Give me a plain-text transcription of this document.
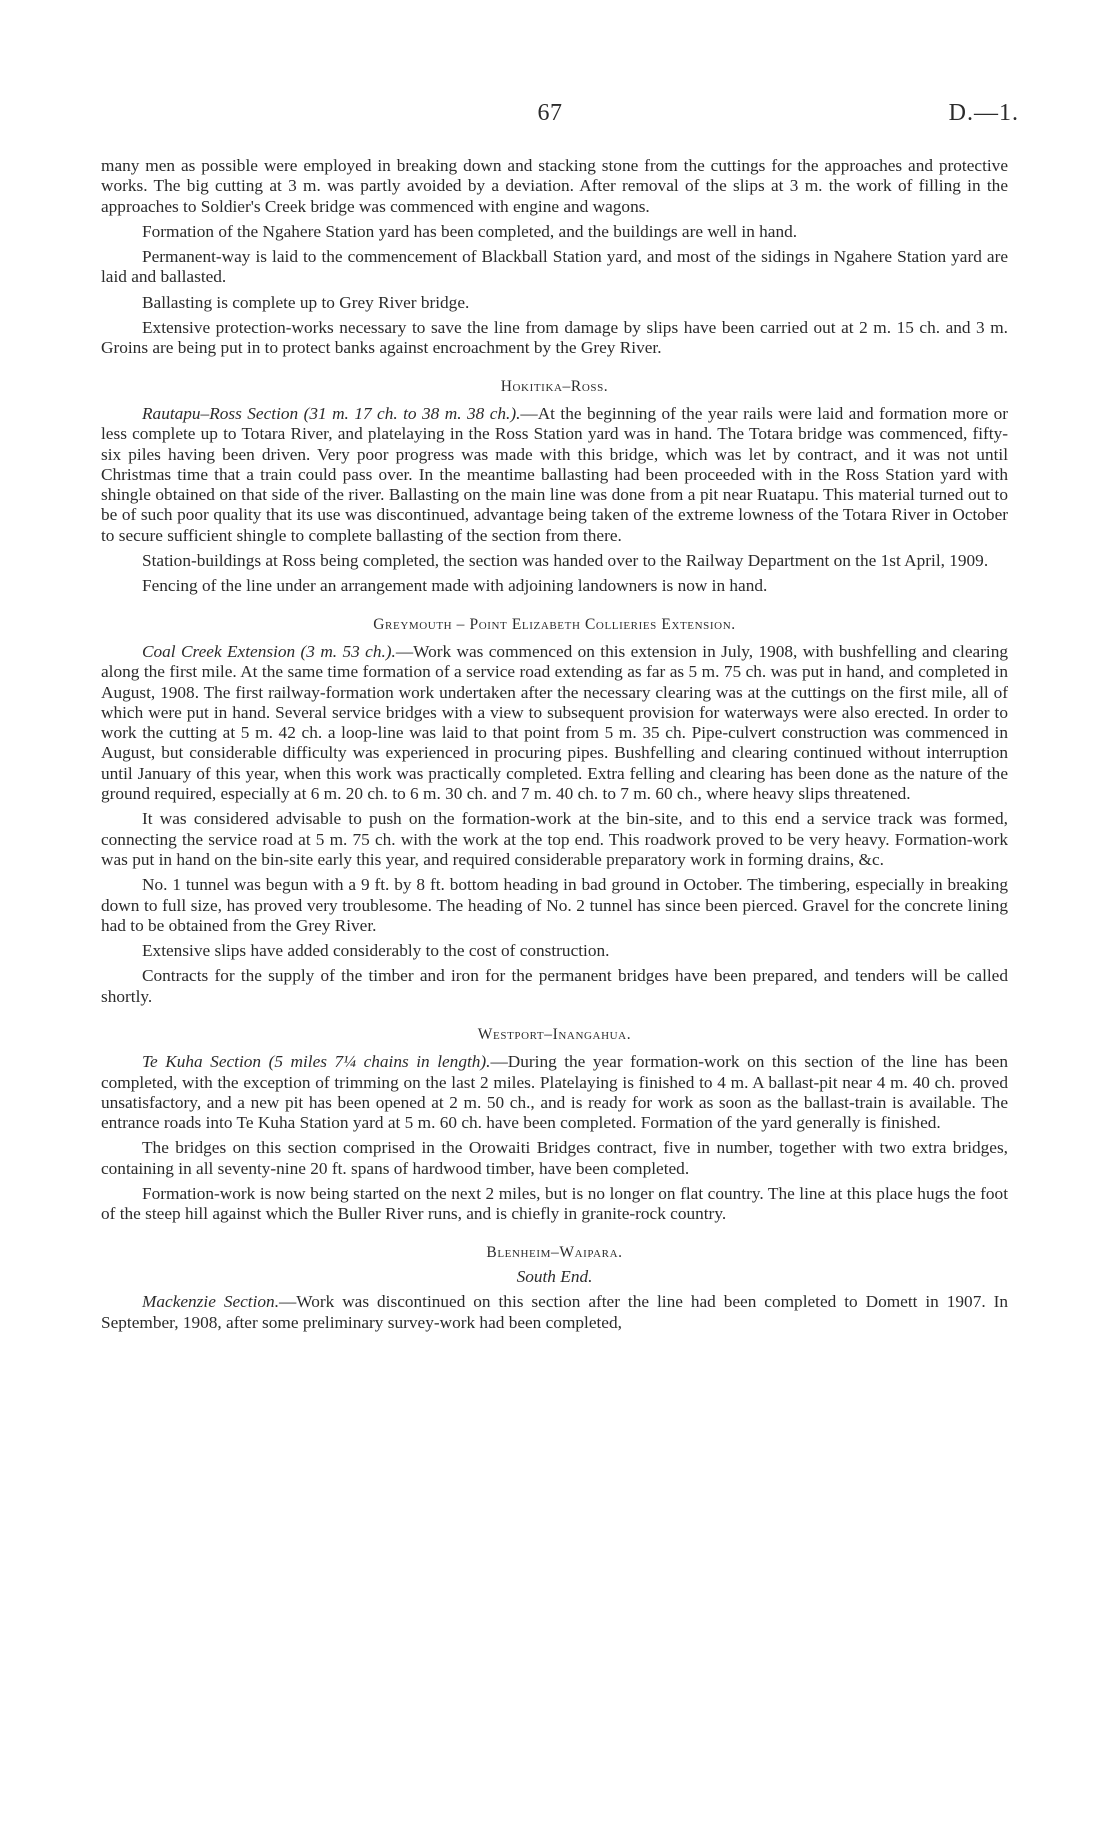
67	D.—1.

many men as possible were employed in breaking down and stacking stone from the cuttings for the approaches and protective works. The big cutting at 3 m. was partly avoided by a deviation. After removal of the slips at 3 m. the work of filling in the approaches to Soldier's Creek bridge was commenced with engine and wagons.

Formation of the Ngahere Station yard has been completed, and the buildings are well in hand.

Permanent-way is laid to the commencement of Blackball Station yard, and most of the sidings in Ngahere Station yard are laid and ballasted.

Ballasting is complete up to Grey River bridge.

Extensive protection-works necessary to save the line from damage by slips have been carried out at 2 m. 15 ch. and 3 m. Groins are being put in to protect banks against encroachment by the Grey River.

Hokitika–Ross.

Rautapu–Ross Section (31 m. 17 ch. to 38 m. 38 ch.).—At the beginning of the year rails were laid and formation more or less complete up to Totara River, and platelaying in the Ross Station yard was in hand. The Totara bridge was commenced, fifty-six piles having been driven. Very poor progress was made with this bridge, which was let by contract, and it was not until Christmas time that a train could pass over. In the meantime ballasting had been proceeded with in the Ross Station yard with shingle obtained on that side of the river. Ballasting on the main line was done from a pit near Ruatapu. This material turned out to be of such poor quality that its use was discontinued, advantage being taken of the extreme lowness of the Totara River in October to secure sufficient shingle to complete ballasting of the section from there.

Station-buildings at Ross being completed, the section was handed over to the Railway Department on the 1st April, 1909.

Fencing of the line under an arrangement made with adjoining landowners is now in hand.

Greymouth – Point Elizabeth Collieries Extension.

Coal Creek Extension (3 m. 53 ch.).—Work was commenced on this extension in July, 1908, with bushfelling and clearing along the first mile. At the same time formation of a service road extending as far as 5 m. 75 ch. was put in hand, and completed in August, 1908. The first railway-formation work undertaken after the necessary clearing was at the cuttings on the first mile, all of which were put in hand. Several service bridges with a view to subsequent provision for waterways were also erected. In order to work the cutting at 5 m. 42 ch. a loop-line was laid to that point from 5 m. 35 ch. Pipe-culvert construction was commenced in August, but considerable difficulty was experienced in procuring pipes. Bushfelling and clearing continued without interruption until January of this year, when this work was practically completed. Extra felling and clearing has been done as the nature of the ground required, especially at 6 m. 20 ch. to 6 m. 30 ch. and 7 m. 40 ch. to 7 m. 60 ch., where heavy slips threatened.

It was considered advisable to push on the formation-work at the bin-site, and to this end a service track was formed, connecting the service road at 5 m. 75 ch. with the work at the top end. This roadwork proved to be very heavy. Formation-work was put in hand on the bin-site early this year, and required considerable preparatory work in forming drains, &c.

No. 1 tunnel was begun with a 9 ft. by 8 ft. bottom heading in bad ground in October. The timbering, especially in breaking down to full size, has proved very troublesome. The heading of No. 2 tunnel has since been pierced. Gravel for the concrete lining had to be obtained from the Grey River.

Extensive slips have added considerably to the cost of construction.

Contracts for the supply of the timber and iron for the permanent bridges have been prepared, and tenders will be called shortly.

Westport–Inangahua.

Te Kuha Section (5 miles 7¼ chains in length).—During the year formation-work on this section of the line has been completed, with the exception of trimming on the last 2 miles. Platelaying is finished to 4 m. A ballast-pit near 4 m. 40 ch. proved unsatisfactory, and a new pit has been opened at 2 m. 50 ch., and is ready for work as soon as the ballast-train is available. The entrance roads into Te Kuha Station yard at 5 m. 60 ch. have been completed. Formation of the yard generally is finished.

The bridges on this section comprised in the Orowaiti Bridges contract, five in number, together with two extra bridges, containing in all seventy-nine 20 ft. spans of hardwood timber, have been completed.

Formation-work is now being started on the next 2 miles, but is no longer on flat country. The line at this place hugs the foot of the steep hill against which the Buller River runs, and is chiefly in granite-rock country.

Blenheim–Waipara.
South End.

Mackenzie Section.—Work was discontinued on this section after the line had been completed to Domett in 1907. In September, 1908, after some preliminary survey-work had been completed,
